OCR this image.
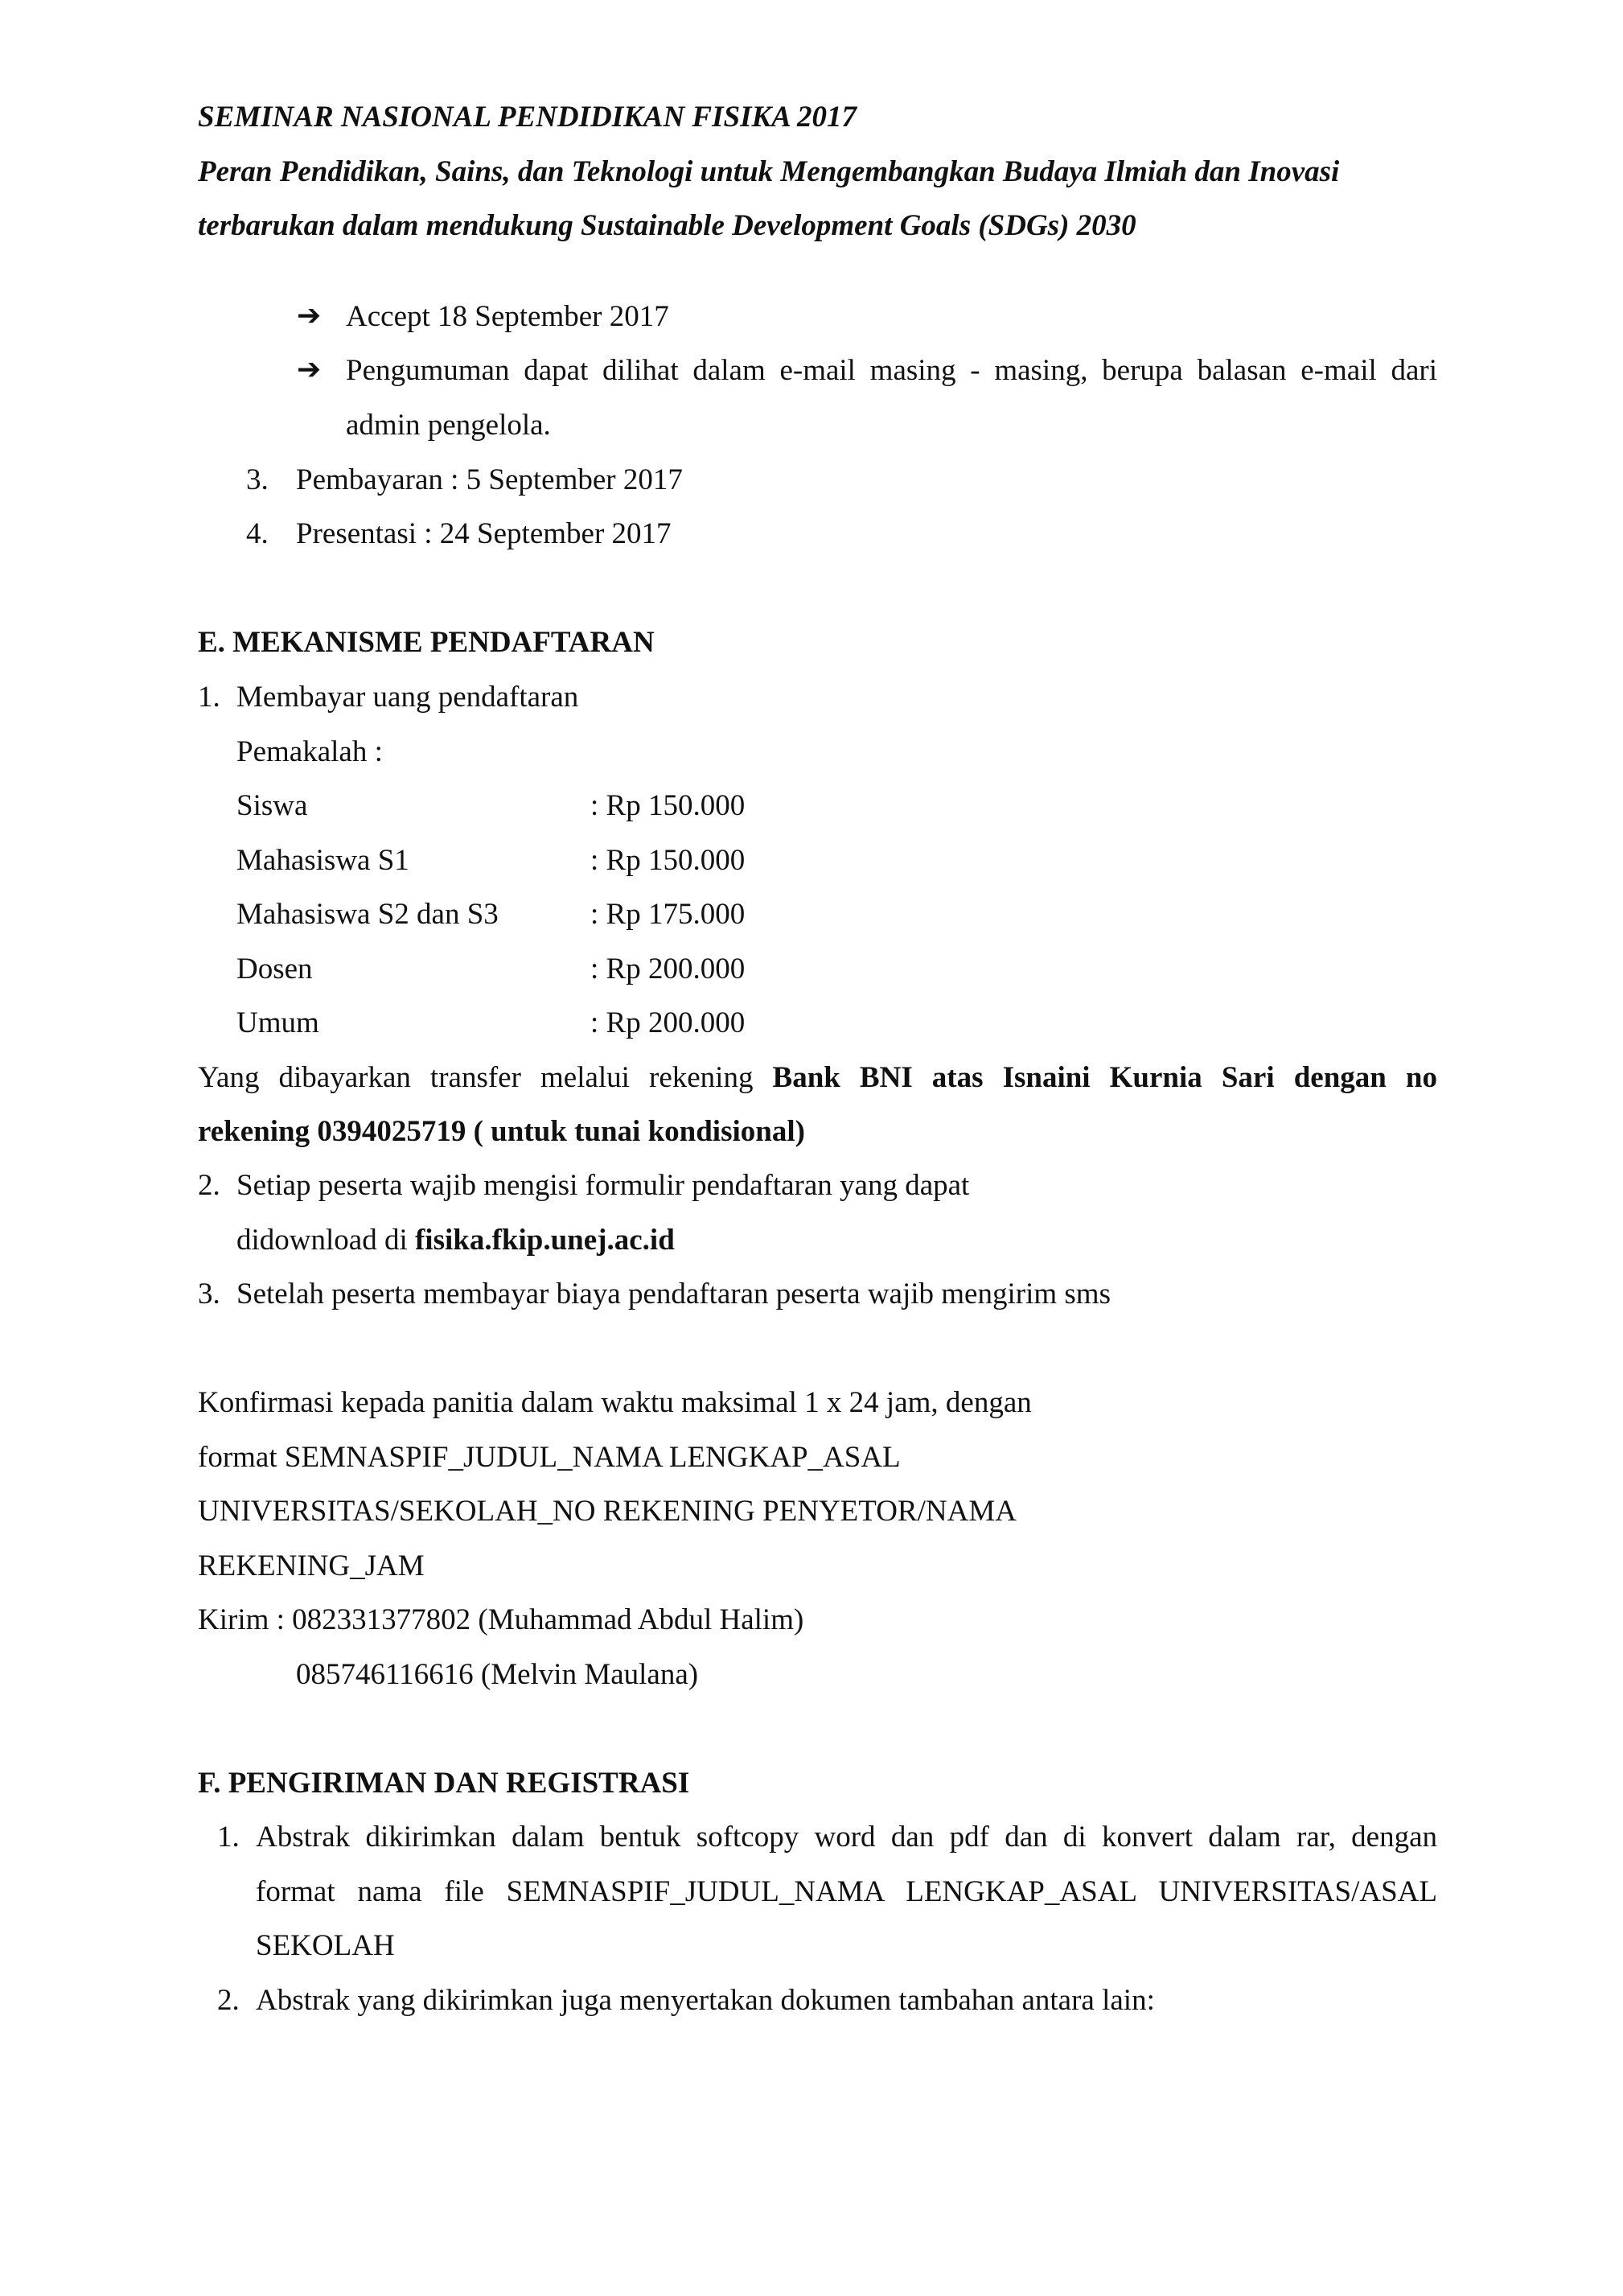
SEMINAR NASIONAL PENDIDIKAN FISIKA 2017
Peran Pendidikan, Sains, dan Teknologi untuk Mengembangkan Budaya Ilmiah dan Inovasi
terbarukan dalam mendukung Sustainable Development Goals (SDGs) 2030
➔ Accept 18 September 2017
➔ Pengumuman dapat dilihat dalam e-mail masing - masing, berupa balasan e-mail dari
admin pengelola.
3. Pembayaran : 5 September 2017
4. Presentasi : 24 September 2017
E. MEKANISME PENDAFTARAN
1. Membayar uang pendaftaran
Pemakalah :
Siswa	: Rp 150.000
Mahasiswa S1	: Rp 150.000
Mahasiswa S2 dan S3	: Rp 175.000
Dosen	: Rp 200.000
Umum	: Rp 200.000
Yang dibayarkan transfer melalui rekening Bank BNI atas Isnaini Kurnia Sari dengan no
rekening 0394025719 ( untuk tunai kondisional)
2. Setiap peserta wajib mengisi formulir pendaftaran yang dapat
didownload di fisika.fkip.unej.ac.id
3. Setelah peserta membayar biaya pendaftaran peserta wajib mengirim sms
Konfirmasi kepada panitia dalam waktu maksimal 1 x 24 jam, dengan
format SEMNASPIF_JUDUL_NAMA LENGKAP_ASAL
UNIVERSITAS/SEKOLAH_NO REKENING PENYETOR/NAMA
REKENING_JAM
Kirim : 082331377802 (Muhammad Abdul Halim)
085746116616 (Melvin Maulana)
F. PENGIRIMAN DAN REGISTRASI
1. Abstrak dikirimkan dalam bentuk softcopy word dan pdf dan di konvert dalam rar, dengan
format nama file SEMNASPIF_JUDUL_NAMA LENGKAP_ASAL UNIVERSITAS/ASAL
SEKOLAH
2. Abstrak yang dikirimkan juga menyertakan dokumen tambahan antara lain:
